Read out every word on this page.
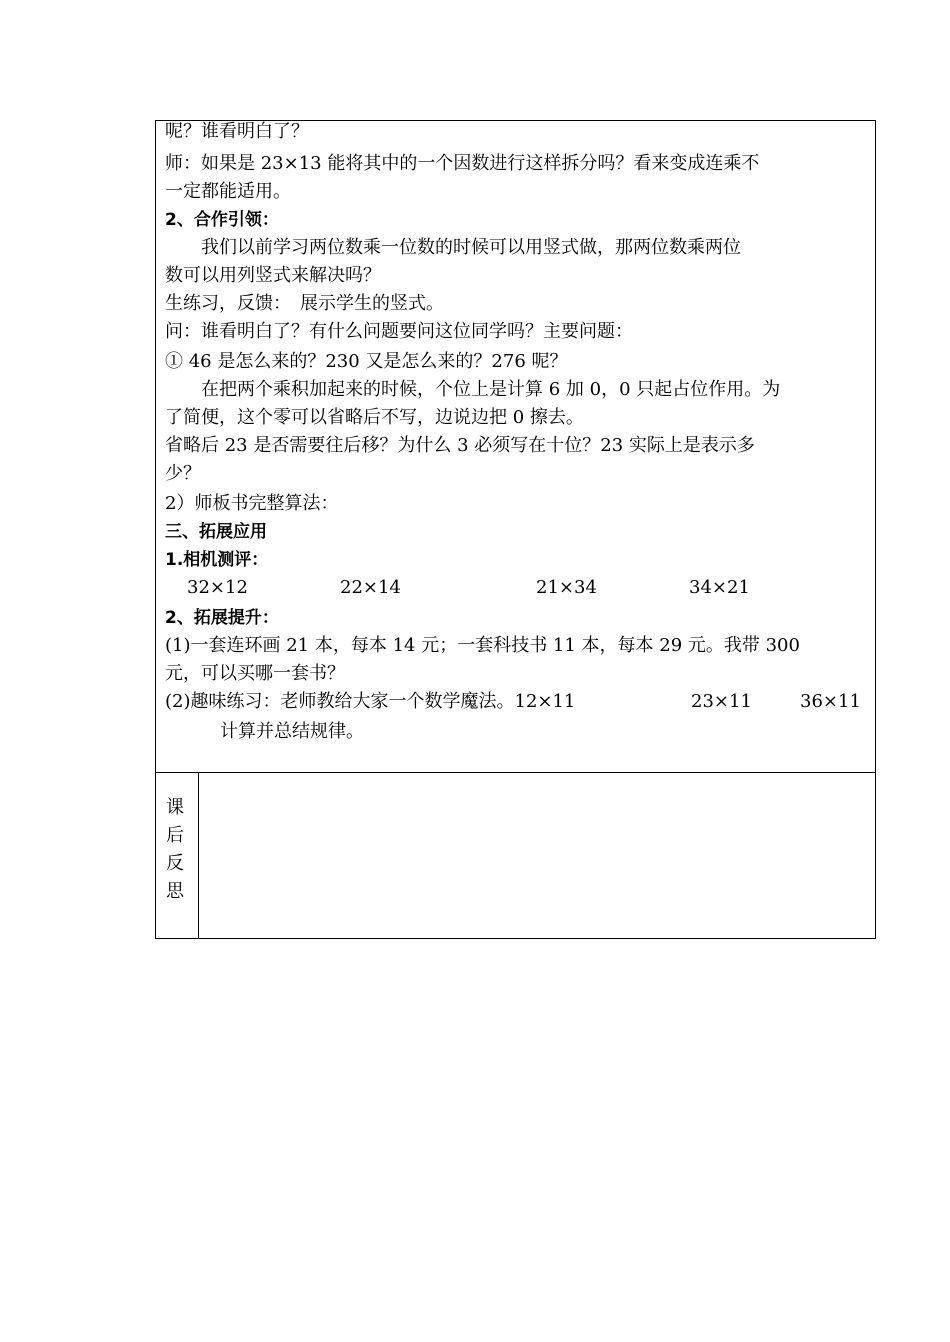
呢？谁看明白了？
师：如果是 23×13 能将其中的一个因数进行这样拆分吗？看来变成连乘不
一定都能适用。
2、合作引领：
　　我们以前学习两位数乘一位数的时候可以用竖式做，那两位数乘两位
数可以用列竖式来解决吗？
生练习，反馈：　展示学生的竖式。
问：谁看明白了？有什么问题要问这位同学吗？主要问题：
① 46 是怎么来的？230 又是怎么来的？276 呢？
　　在把两个乘积加起来的时候，个位上是计算 6 加 0，0 只起占位作用。为
了简便，这个零可以省略后不写，边说边把 0 擦去。
省略后 23 是否需要往后移？为什么 3 必须写在十位？23 实际上是表示多
少？
2）师板书完整算法：
三、拓展应用
1.相机测评：
32×12	22×14	21×34	34×21
2、拓展提升：
(1)一套连环画 21 本，每本 14 元；一套科技书 11 本，每本 29 元。我带 300
元，可以买哪一套书？
(2)趣味练习：老师教给大家一个数学魔法。12×11	23×11	36×11
计算并总结规律。
课
后
反
思
